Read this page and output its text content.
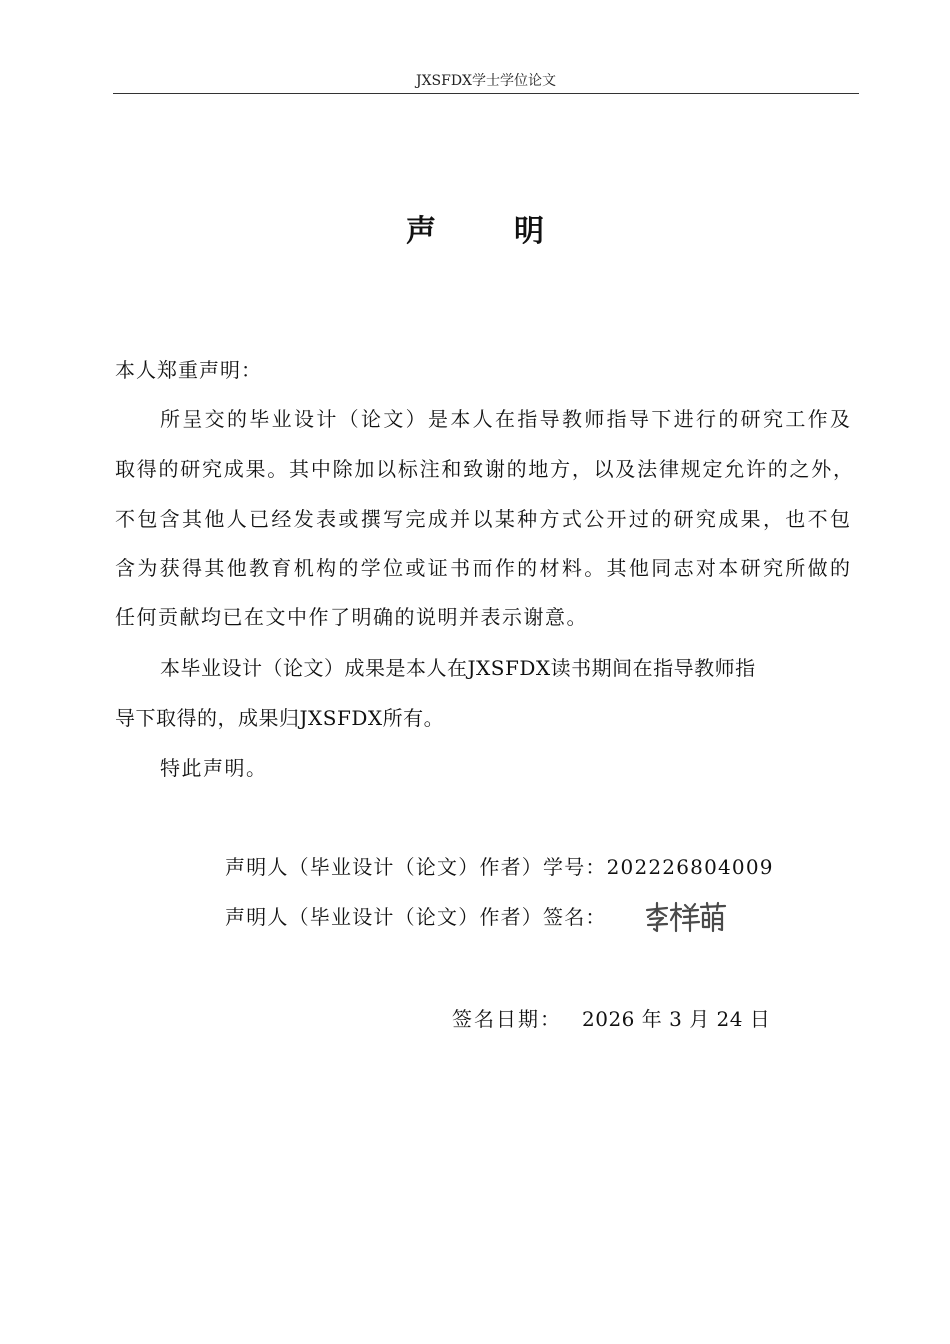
JXSFDX学士学位论文
声	明
本人郑重声明：
所呈交的毕业设计（论文）是本人在指导教师指导下进行的研究工作及
取得的研究成果。其中除加以标注和致谢的地方，以及法律规定允许的之外，
不包含其他人已经发表或撰写完成并以某种方式公开过的研究成果，也不包
含为获得其他教育机构的学位或证书而作的材料。其他同志对本研究所做的
任何贡献均已在文中作了明确的说明并表示谢意。
本毕业设计（论文）成果是本人在JXSFDX读书期间在指导教师指
导下取得的，成果归JXSFDX所有。
特此声明。
声明人（毕业设计（论文）作者）学号：202226804009
声明人（毕业设计（论文）作者）签名：
签名日期： 2026 年 3 月 24 日
